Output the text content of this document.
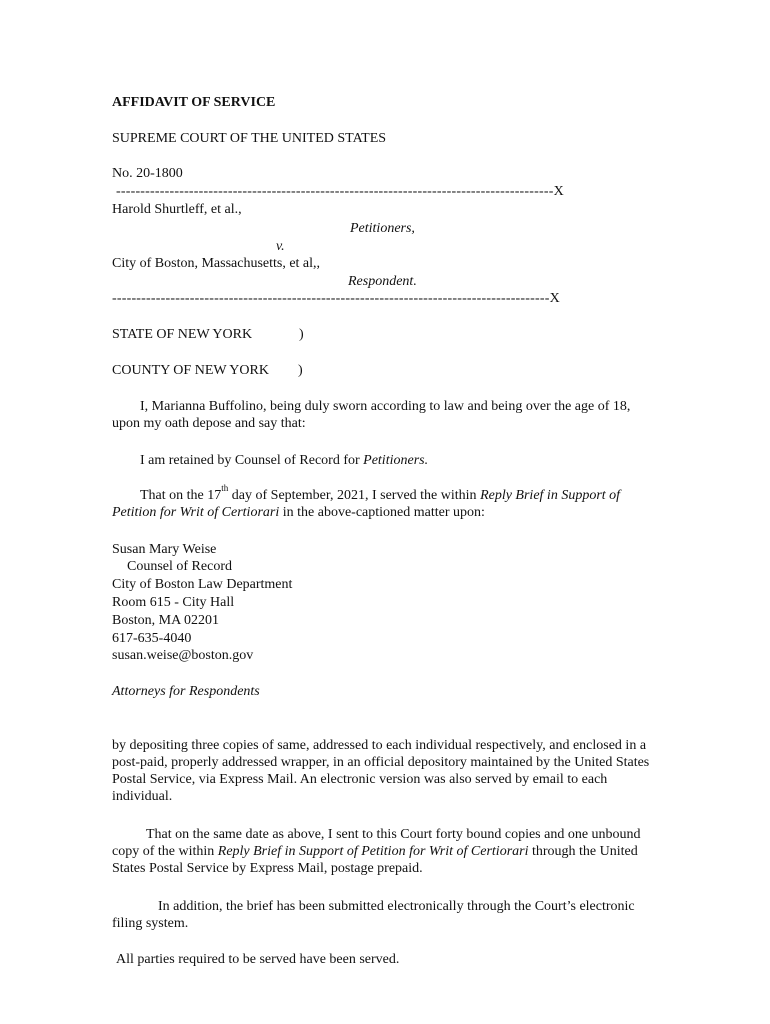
AFFIDAVIT OF SERVICE
SUPREME COURT OF THE UNITED STATES
No. 20-1800
------------------------------------------------------------------------------------------X
Harold Shurtleff, et al.,
Petitioners,
v.
City of Boston, Massachusetts, et al,,
Respondent.
------------------------------------------------------------------------------------------X
STATE OF NEW YORK	)
COUNTY OF NEW YORK )
I, Marianna Buffolino, being duly sworn according to law and being over the age of 18, upon my oath depose and say that:
I am retained by Counsel of Record for Petitioners.
That on the 17th day of September, 2021, I served the within Reply Brief in Support of Petition for Writ of Certiorari in the above-captioned matter upon:
Susan Mary Weise
Counsel of Record
City of Boston Law Department
Room 615 - City Hall
Boston, MA 02201
617-635-4040
susan.weise@boston.gov
Attorneys for Respondents
by depositing three copies of same, addressed to each individual respectively, and enclosed in a post-paid, properly addressed wrapper, in an official depository maintained by the United States Postal Service, via Express Mail. An electronic version was also served by email to each individual.
That on the same date as above, I sent to this Court forty bound copies and one unbound copy of the within Reply Brief in Support of Petition for Writ of Certiorari through the United States Postal Service by Express Mail, postage prepaid.
In addition, the brief has been submitted electronically through the Court’s electronic filing system.
All parties required to be served have been served.
